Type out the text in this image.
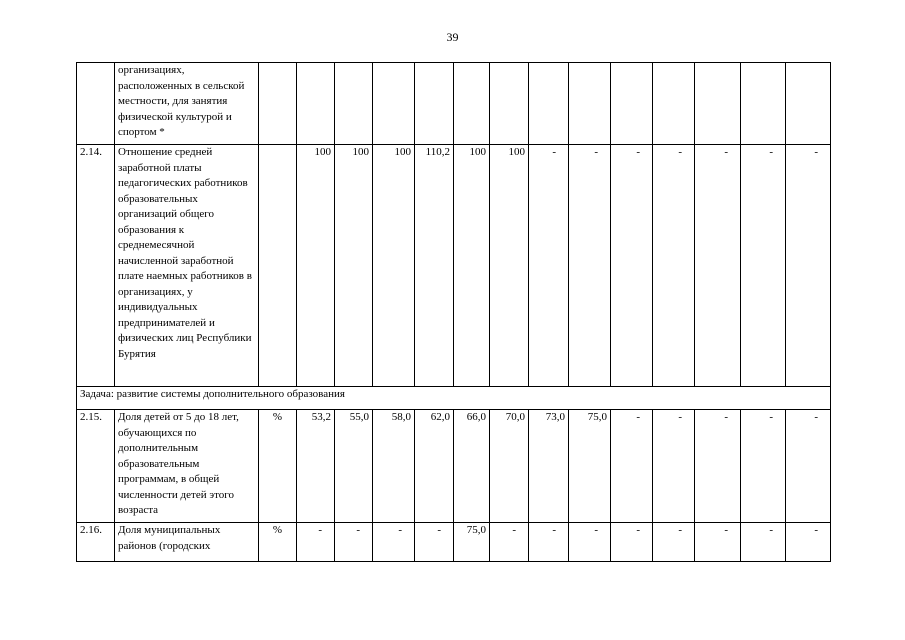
39
	организациях, расположенных в сельской местности, для занятия физической культурой и спортом *														
2.14.	Отношение средней заработной платы педагогических работников образовательных организаций общего образования к среднемесячной начисленной заработной плате наемных работников в организациях, у индивидуальных предпринимателей и физических лиц Республики Бурятия		100	100	100	110,2	100	100	-	-	-	-	-	-	-
Задача: развитие системы дополнительного образования															
2.15.	Доля детей от 5 до 18 лет, обучающихся по дополнительным образовательным программам, в общей численности детей этого возраста	%	53,2	55,0	58,0	62,0	66,0	70,0	73,0	75,0	-	-	-	-	-
2.16.	Доля муниципальных районов (городских	%	-	-	-	-	75,0	-	-	-	-	-	-	-	-
